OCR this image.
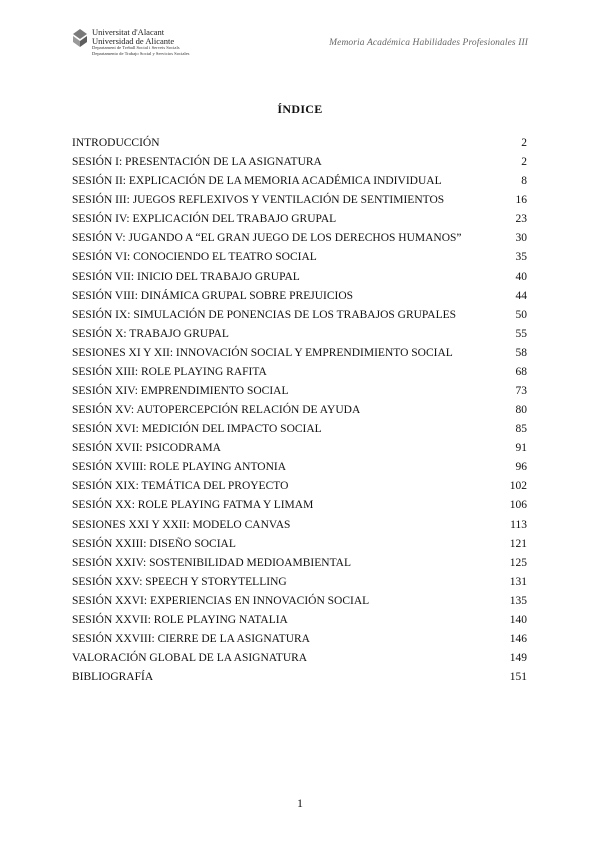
Universitat d'Alacant
Universidad de Alicante
Departament de Treball Social i Serveis Socials
Departamento de Trabajo Social y Servicios Sociales
Memoria Académica Habilidades Profesionales III
ÍNDICE
INTRODUCCIÓN	2
SESIÓN I: PRESENTACIÓN DE LA ASIGNATURA	2
SESIÓN II: EXPLICACIÓN DE LA MEMORIA ACADÉMICA INDIVIDUAL	8
SESIÓN III: JUEGOS REFLEXIVOS Y VENTILACIÓN DE SENTIMIENTOS	16
SESIÓN IV: EXPLICACIÓN DEL TRABAJO GRUPAL	23
SESIÓN V: JUGANDO A “EL GRAN JUEGO DE LOS DERECHOS HUMANOS”	30
SESIÓN VI: CONOCIENDO EL TEATRO SOCIAL	35
SESIÓN VII: INICIO DEL TRABAJO GRUPAL	40
SESIÓN VIII: DINÁMICA GRUPAL SOBRE PREJUICIOS	44
SESIÓN IX: SIMULACIÓN DE PONENCIAS DE LOS TRABAJOS GRUPALES	50
SESIÓN X: TRABAJO GRUPAL	55
SESIONES XI Y XII: INNOVACIÓN SOCIAL Y EMPRENDIMIENTO SOCIAL	58
SESIÓN XIII: ROLE PLAYING RAFITA	68
SESIÓN XIV: EMPRENDIMIENTO SOCIAL	73
SESIÓN XV: AUTOPERCEPCIÓN RELACIÓN DE AYUDA	80
SESIÓN XVI: MEDICIÓN DEL IMPACTO SOCIAL	85
SESIÓN XVII: PSICODRAMA	91
SESIÓN XVIII: ROLE PLAYING ANTONIA	96
SESIÓN XIX: TEMÁTICA DEL PROYECTO	102
SESIÓN XX: ROLE PLAYING FATMA Y LIMAM	106
SESIONES XXI Y XXII: MODELO CANVAS	113
SESIÓN XXIII: DISEÑO SOCIAL	121
SESIÓN XXIV: SOSTENIBILIDAD MEDIOAMBIENTAL	125
SESIÓN XXV: SPEECH Y STORYTELLING	131
SESIÓN XXVI: EXPERIENCIAS EN INNOVACIÓN SOCIAL	135
SESIÓN XXVII: ROLE PLAYING NATALIA	140
SESIÓN XXVIII: CIERRE DE LA ASIGNATURA	146
VALORACIÓN GLOBAL DE LA ASIGNATURA	149
BIBLIOGRAFÍA	151
1
